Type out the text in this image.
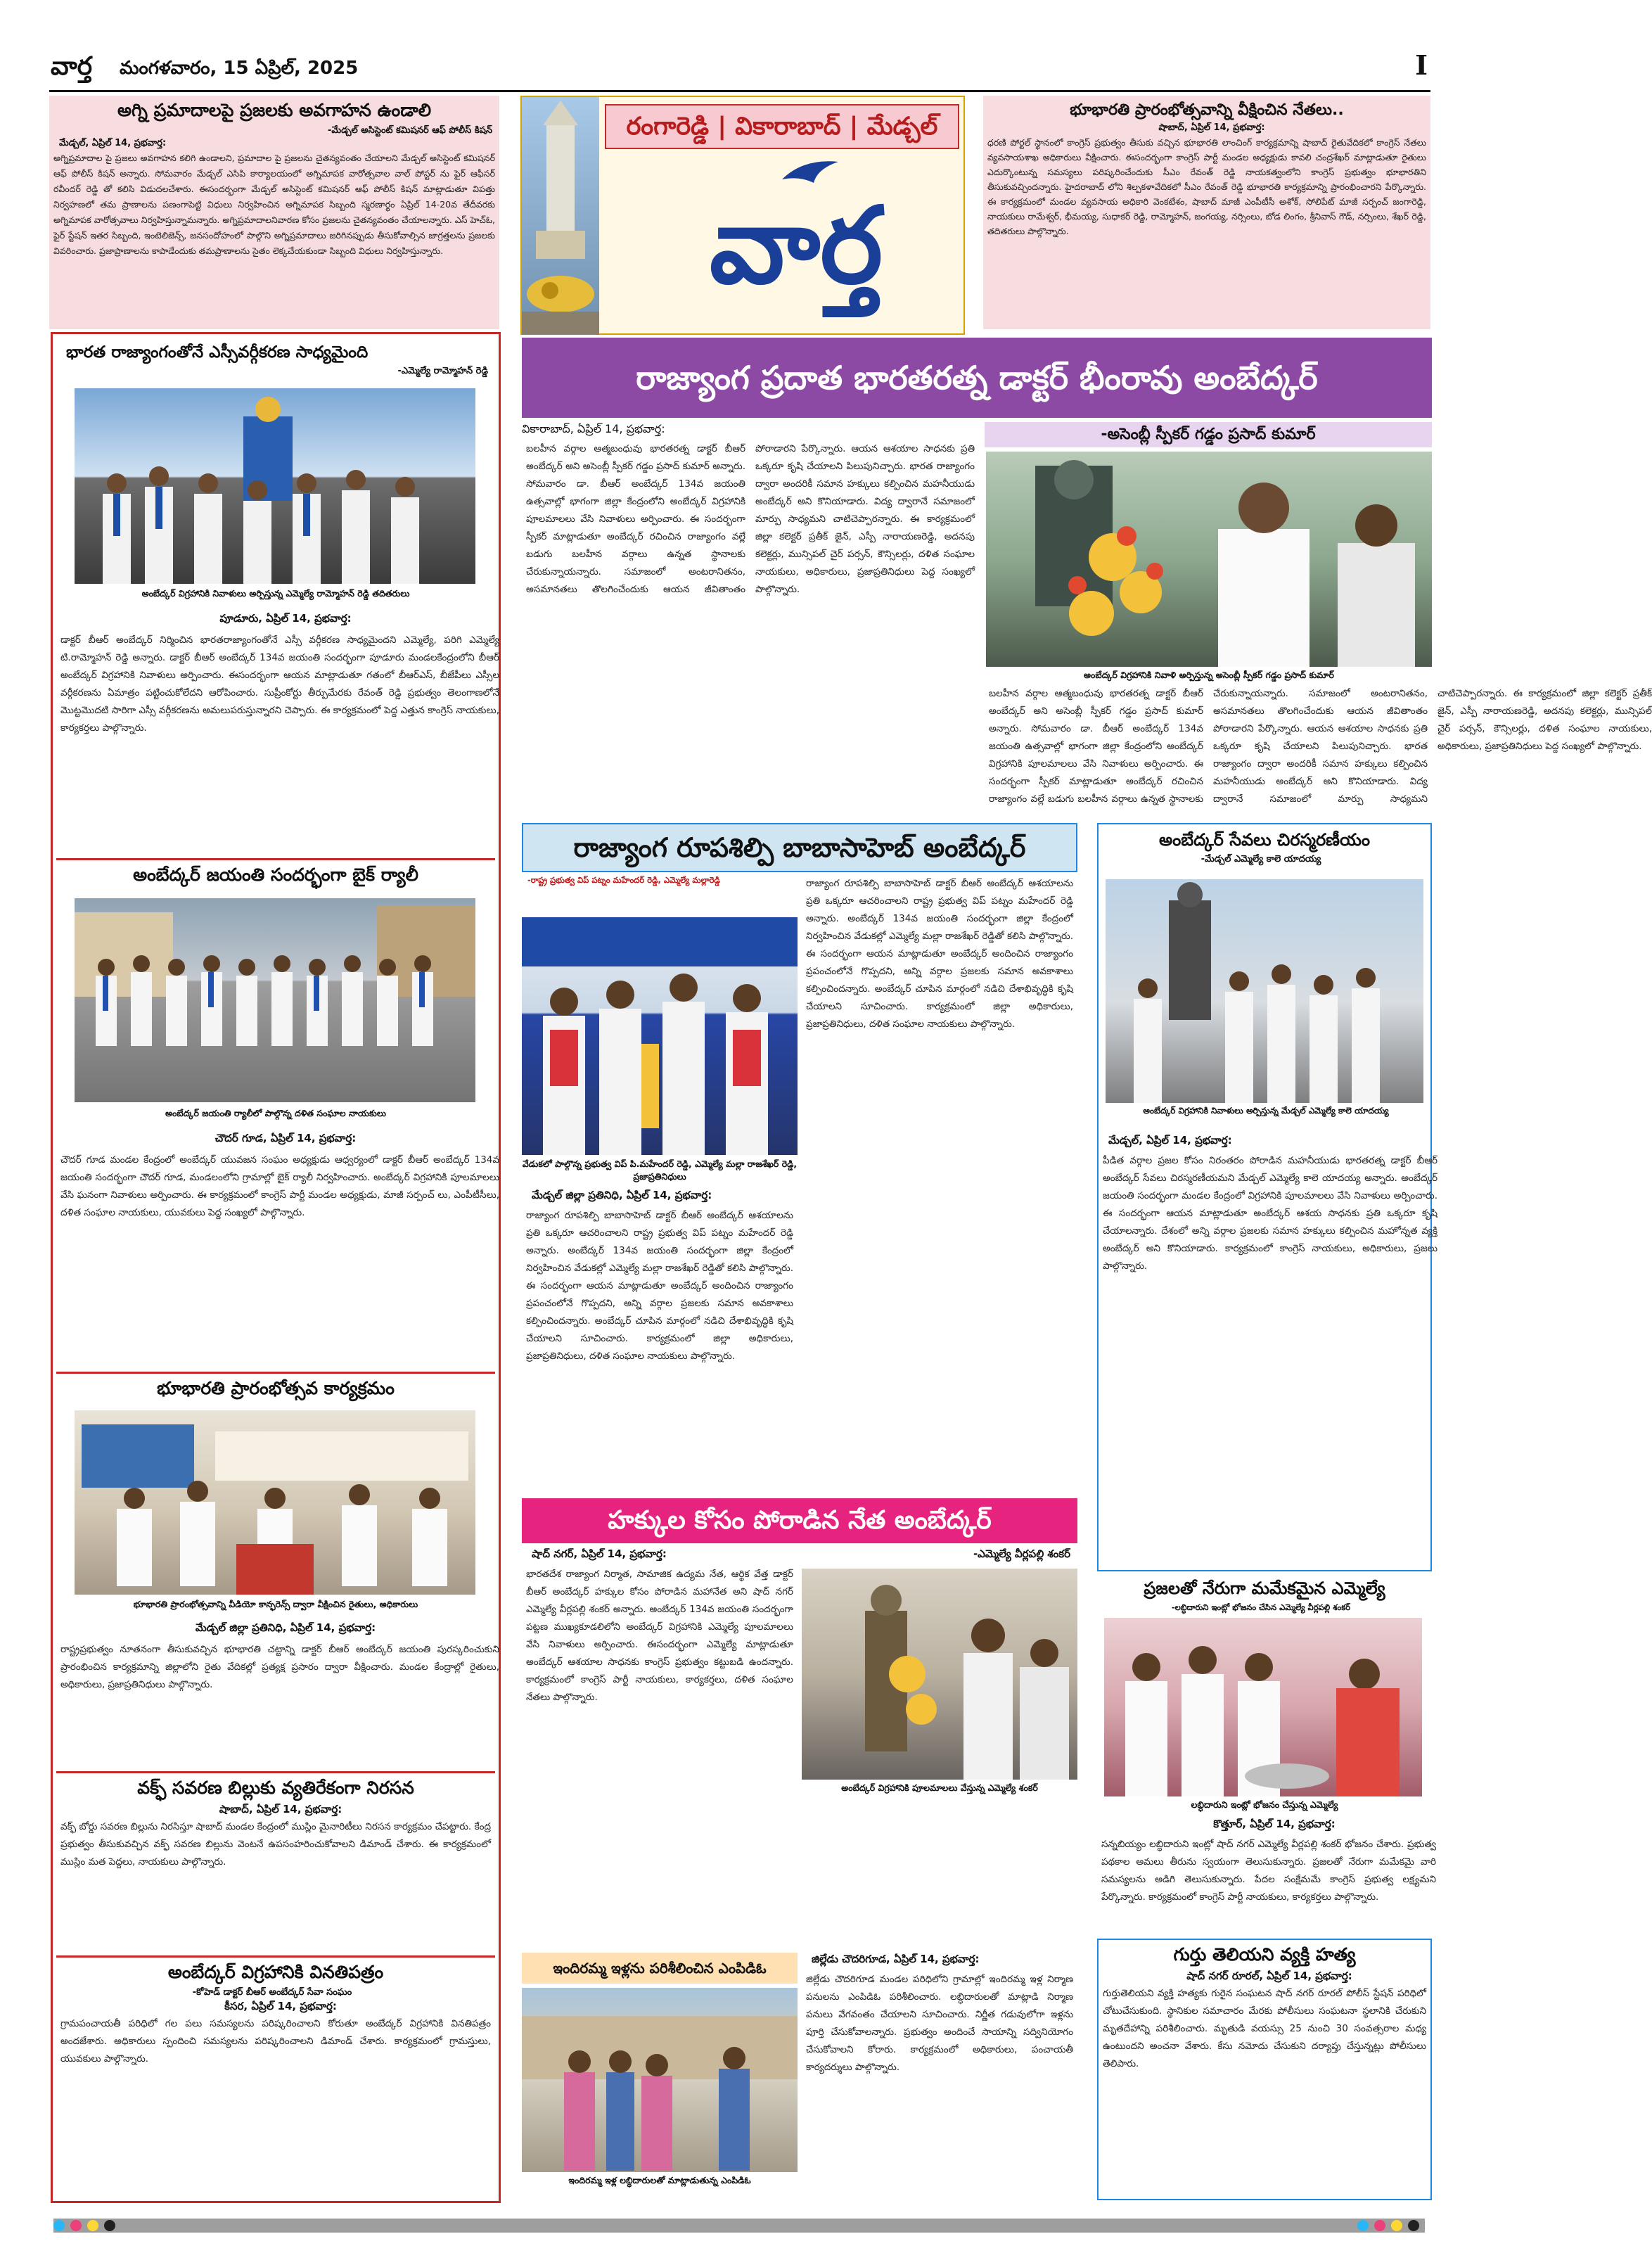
వార్త మంగళవారం, 15 ఏప్రిల్, 2025	I
అగ్ని ప్రమాదాలపై ప్రజలకు అవగాహన ఉండాలి
-మేడ్చల్ అసిస్టెంట్ కమిషనర్ ఆఫ్ పోలీస్ కిషన్
మేడ్చల్, ఏప్రిల్ 14, ప్రభవార్త:
అగ్నిప్రమాదాల పై ప్రజలు అవగాహన కలిగి ఉండాలని, ప్రమాదాల పై ప్రజలను చైతన్యవంతం చేయాలని మేడ్చల్ అసిస్టెంట్ కమిషనర్ ఆఫ్ పోలీస్ కిషన్ అన్నారు. సోమవారం మేడ్చల్ ఎసిపి కార్యాలయంలో అగ్నిమాపక వారోత్సవాల వాల్ పోస్టర్ ను ఫైర్ ఆఫీసర్ రవీందర్ రెడ్డి తో కలిసి విడుదలచేశారు. ఈసందర్భంగా మేడ్చల్ అసిస్టెంట్ కమిషనర్ ఆఫ్ పోలీస్ కిషన్ మాట్లాడుతూ విపత్తు నిర్వహణలో తమ ప్రాణాలను పణంగాపెట్టి విధులు నిర్వహించిన అగ్నిమాపక సిబ్బంది స్మరణార్థం ఏప్రిల్ 14-20వ తేదీవరకు అగ్నిమాపక వారోత్సవాలు నిర్వహిస్తున్నామన్నారు. అగ్నిప్రమాదాలనివారణ కోసం ప్రజలను చైతన్యవంతం చేయాలన్నారు. ఎస్ హెచ్ఓ, ఫైర్ స్టేషన్ ఇతర సిబ్బంది, ఇంటెలిజెన్స్, జనసందోహంలో పాల్గొని అగ్నిప్రమాదాలు జరిగినప్పుడు తీసుకోవాల్సిన జాగ్రత్తలను ప్రజలకు వివరించారు. ప్రజాప్రాణాలను కాపాడేందుకు తమప్రాణాలను సైతం లెక్కచేయకుండా సిబ్బంది విధులు నిర్వహిస్తున్నారు.
రంగారెడ్డి | వికారాబాద్ | మేడ్చల్
వార్త
భూభారతి ప్రారంభోత్సవాన్ని వీక్షించిన నేతలు..
షాబాద్, ఏప్రిల్ 14, ప్రభవార్త:
ధరణి పోర్టల్ స్థానంలో కాంగ్రెస్ ప్రభుత్వం తీసుకు వచ్చిన భూభారతి లాంచింగ్ కార్యక్రమాన్ని షాబాద్ రైతువేదికలో కాంగ్రెస్ నేతలు వ్యవసాయశాఖ అధికారులు వీక్షించారు. ఈసందర్భంగా కాంగ్రెస్ పార్టీ మండల అధ్యక్షుడు కావలి చంద్రశేఖర్ మాట్లాడుతూ రైతులు ఎదుర్కొంటున్న సమస్యలు పరిష్కరించేందుకు సీఎం రేవంత్ రెడ్డి నాయకత్వంలోని కాంగ్రెస్ ప్రభుత్వం భూభారతిని తీసుకువచ్చిందన్నారు. హైదరాబాద్ లోని శిల్పకళావేదికలో సీఎం రేవంత్ రెడ్డి భూభారతి కార్యక్రమాన్ని ప్రారంభించారని పేర్కొన్నారు. ఈ కార్యక్రమంలో మండల వ్యవసాయ అధికారి వెంకటేశం, షాబాద్ మాజీ ఎంపీటీసీ అశోక్, సోలిపేట్ మాజీ సర్పంచ్ జంగారెడ్డి, నాయకులు రామేశ్వర్, భీమయ్య, సుధాకర్ రెడ్డి, రామ్మోహన్, జంగయ్య, నర్సింలు, బోడ లింగం, శ్రీనివాస్ గౌడ్, నర్సింలు, శేఖర్ రెడ్డి, తదితరులు పాల్గొన్నారు.
భారత రాజ్యాంగంతోనే ఎస్సీవర్గీకరణ సాధ్యమైంది
-ఎమ్మెల్యే రామ్మోహన్ రెడ్డి
అంబేద్కర్ విగ్రహానికి నివాళులు అర్పిస్తున్న ఎమ్మెల్యే రామ్మోహన్ రెడ్డి తదితరులు
పూడూరు, ఏప్రిల్ 14, ప్రభవార్త:
డాక్టర్ బీఆర్ అంబేద్కర్ నిర్మించిన భారతరాజ్యాంగంతోనే ఎస్సీ వర్గీకరణ సాధ్యమైందని ఎమ్మెల్యే, పరిగి ఎమ్మెల్యే టి.రామ్మోహన్ రెడ్డి అన్నారు. డాక్టర్ బీఆర్ అంబేద్కర్ 134వ జయంతి సందర్భంగా పూడూరు మండలకేంద్రంలోని బీఆర్ అంబేద్కర్ విగ్రహానికి నివాళులు అర్పించారు. ఈసందర్భంగా ఆయన మాట్లాడుతూ గతంలో బీఆర్ఎస్, బీజేపీలు ఎస్సీల వర్గీకరణను ఏమాత్రం పట్టించుకోలేదని ఆరోపించారు. సుప్రీంకోర్టు తీర్పుమేరకు రేవంత్ రెడ్డి ప్రభుత్వం తెలంగాణలోనే మొట్టమొదటి సారిగా ఎస్సీ వర్గీకరణను అమలుపరుస్తున్నారని చెప్పారు. ఈ కార్యక్రమంలో పెద్ద ఎత్తున కాంగ్రెస్ నాయకులు, కార్యకర్తలు పాల్గొన్నారు.
అంబేద్కర్ జయంతి సందర్భంగా బైక్ ర్యాలీ
అంబేద్కర్ జయంతి ర్యాలీలో పాల్గొన్న దళిత సంఘాల నాయకులు
చౌదర్ గూడ, ఏప్రిల్ 14, ప్రభవార్త:
చౌదర్ గూడ మండల కేంద్రంలో అంబేద్కర్ యువజన సంఘం అధ్యక్షుడు ఆధ్వర్యంలో డాక్టర్ బీఆర్ అంబేద్కర్ 134వ జయంతి సందర్భంగా చౌదర్ గూడ, మండలంలోని గ్రామాల్లో బైక్ ర్యాలీ నిర్వహించారు. అంబేద్కర్ విగ్రహానికి పూలమాలలు వేసి ఘనంగా నివాళులు అర్పించారు. ఈ కార్యక్రమంలో కాంగ్రెస్ పార్టీ మండల అధ్యక్షుడు, మాజీ సర్పంచ్ లు, ఎంపీటీసీలు, దళిత సంఘాల నాయకులు, యువకులు పెద్ద సంఖ్యలో పాల్గొన్నారు.
భూభారతి ప్రారంభోత్సవ కార్యక్రమం
భూభారతి ప్రారంభోత్సవాన్ని వీడియో కాన్ఫరెన్స్ ద్వారా వీక్షించిన రైతులు, అధికారులు
మేడ్చల్ జిల్లా ప్రతినిధి, ఏప్రిల్ 14, ప్రభవార్త:
రాష్ట్రప్రభుత్వం నూతనంగా తీసుకువచ్చిన భూభారతి చట్టాన్ని డాక్టర్ బీఆర్ అంబేద్కర్ జయంతి పురస్కరించుకుని ప్రారంభించిన కార్యక్రమాన్ని జిల్లాలోని రైతు వేదికల్లో ప్రత్యక్ష ప్రసారం ద్వారా వీక్షించారు. మండల కేంద్రాల్లో రైతులు, అధికారులు, ప్రజాప్రతినిధులు పాల్గొన్నారు.
వక్ఫ్ సవరణ బిల్లుకు వ్యతిరేకంగా నిరసన
షాబాద్, ఏప్రిల్ 14, ప్రభవార్త:
వక్ఫ్ బోర్డు సవరణ బిల్లును నిరసిస్తూ షాబాద్ మండల కేంద్రంలో ముస్లిం మైనారిటీలు నిరసన కార్యక్రమం చేపట్టారు. కేంద్ర ప్రభుత్వం తీసుకువచ్చిన వక్ఫ్ సవరణ బిల్లును వెంటనే ఉపసంహరించుకోవాలని డిమాండ్ చేశారు. ఈ కార్యక్రమంలో ముస్లిం మత పెద్దలు, నాయకులు పాల్గొన్నారు.
అంబేద్కర్ విగ్రహానికి వినతిపత్రం
-కోహెడ్ డాక్టర్ బీఆర్ అంబేద్కర్ సేవా సంఘం
కీసర, ఏప్రిల్ 14, ప్రభవార్త:
గ్రామపంచాయతీ పరిధిలో గల పలు సమస్యలను పరిష్కరించాలని కోరుతూ అంబేద్కర్ విగ్రహానికి వినతిపత్రం అందజేశారు. అధికారులు స్పందించి సమస్యలను పరిష్కరించాలని డిమాండ్ చేశారు. కార్యక్రమంలో గ్రామస్తులు, యువకులు పాల్గొన్నారు.
రాజ్యాంగ ప్రదాత భారతరత్న డాక్టర్ భీంరావు అంబేద్కర్
-అసెంబ్లీ స్పీకర్ గడ్డం ప్రసాద్ కుమార్
వికారాబాద్, ఏప్రిల్ 14, ప్రభవార్త:
బలహీన వర్గాల ఆత్మబంధువు భారతరత్న డాక్టర్ బీఆర్ అంబేద్కర్ అని అసెంబ్లీ స్పీకర్ గడ్డం ప్రసాద్ కుమార్ అన్నారు. సోమవారం డా. బీఆర్ అంబేద్కర్ 134వ జయంతి ఉత్సవాల్లో భాగంగా జిల్లా కేంద్రంలోని అంబేద్కర్ విగ్రహానికి పూలమాలలు వేసి నివాళులు అర్పించారు. ఈ సందర్భంగా స్పీకర్ మాట్లాడుతూ అంబేద్కర్ రచించిన రాజ్యాంగం వల్లే బడుగు బలహీన వర్గాలు ఉన్నత స్థానాలకు చేరుకున్నాయన్నారు. సమాజంలో అంటరానితనం, అసమానతలు తొలగించేందుకు ఆయన జీవితాంతం పోరాడారని పేర్కొన్నారు. ఆయన ఆశయాల సాధనకు ప్రతి ఒక్కరూ కృషి చేయాలని పిలుపునిచ్చారు. భారత రాజ్యాంగం ద్వారా అందరికీ సమాన హక్కులు కల్పించిన మహనీయుడు అంబేద్కర్ అని కొనియాడారు. విద్య ద్వారానే సమాజంలో మార్పు సాధ్యమని చాటిచెప్పారన్నారు. ఈ కార్యక్రమంలో జిల్లా కలెక్టర్ ప్రతీక్ జైన్, ఎస్పీ నారాయణరెడ్డి, అదనపు కలెక్టర్లు, మున్సిపల్ చైర్ పర్సన్, కౌన్సిలర్లు, దళిత సంఘాల నాయకులు, అధికారులు, ప్రజాప్రతినిధులు పెద్ద సంఖ్యలో పాల్గొన్నారు.
అంబేద్కర్ విగ్రహానికి నివాళి అర్పిస్తున్న అసెంబ్లీ స్పీకర్ గడ్డం ప్రసాద్ కుమార్
రాజ్యాంగ రూపశిల్పి బాబాసాహెబ్ అంబేద్కర్
-రాష్ట్ర ప్రభుత్వ విప్ పట్నం మహేందర్ రెడ్డి, ఎమ్మెల్యే మల్లారెడ్డి
వేడుకలో పాల్గొన్న ప్రభుత్వ విప్ పి.మహేందర్ రెడ్డి, ఎమ్మెల్యే మల్లా రాజశేఖర్ రెడ్డి, ప్రజాప్రతినిధులు
మేడ్చల్ జిల్లా ప్రతినిధి, ఏప్రిల్ 14, ప్రభవార్త:
రాజ్యాంగ రూపశిల్పి బాబాసాహెబ్ డాక్టర్ బీఆర్ అంబేద్కర్ ఆశయాలను ప్రతి ఒక్కరూ ఆచరించాలని రాష్ట్ర ప్రభుత్వ విప్ పట్నం మహేందర్ రెడ్డి అన్నారు. అంబేద్కర్ 134వ జయంతి సందర్భంగా జిల్లా కేంద్రంలో నిర్వహించిన వేడుకల్లో ఎమ్మెల్యే మల్లా రాజశేఖర్ రెడ్డితో కలిసి పాల్గొన్నారు. ఈ సందర్భంగా ఆయన మాట్లాడుతూ అంబేద్కర్ అందించిన రాజ్యాంగం ప్రపంచంలోనే గొప్పదని, అన్ని వర్గాల ప్రజలకు సమాన అవకాశాలు కల్పించిందన్నారు. అంబేద్కర్ చూపిన మార్గంలో నడిచి దేశాభివృద్ధికి కృషి చేయాలని సూచించారు. కార్యక్రమంలో జిల్లా అధికారులు, ప్రజాప్రతినిధులు, దళిత సంఘాల నాయకులు పాల్గొన్నారు.
రాజ్యాంగ రూపశిల్పి బాబాసాహెబ్ డాక్టర్ బీఆర్ అంబేద్కర్ ఆశయాలను ప్రతి ఒక్కరూ ఆచరించాలని రాష్ట్ర ప్రభుత్వ విప్ పట్నం మహేందర్ రెడ్డి అన్నారు. అంబేద్కర్ 134వ జయంతి సందర్భంగా జిల్లా కేంద్రంలో నిర్వహించిన వేడుకల్లో ఎమ్మెల్యే మల్లా రాజశేఖర్ రెడ్డితో కలిసి పాల్గొన్నారు. ఈ సందర్భంగా ఆయన మాట్లాడుతూ అంబేద్కర్ అందించిన రాజ్యాంగం ప్రపంచంలోనే గొప్పదని, అన్ని వర్గాల ప్రజలకు సమాన అవకాశాలు కల్పించిందన్నారు. అంబేద్కర్ చూపిన మార్గంలో నడిచి దేశాభివృద్ధికి కృషి చేయాలని సూచించారు. కార్యక్రమంలో జిల్లా అధికారులు, ప్రజాప్రతినిధులు, దళిత సంఘాల నాయకులు పాల్గొన్నారు.
హక్కుల కోసం పోరాడిన నేత అంబేద్కర్
-ఎమ్మెల్యే వీర్లపల్లి శంకర్
షాద్ నగర్, ఏప్రిల్ 14, ప్రభవార్త:
భారతదేశ రాజ్యాంగ నిర్మాత, సామాజిక ఉద్యమ నేత, ఆర్థిక వేత్త డాక్టర్ బీఆర్ అంబేద్కర్ హక్కుల కోసం పోరాడిన మహానేత అని షాద్ నగర్ ఎమ్మెల్యే వీర్లపల్లి శంకర్ అన్నారు. అంబేద్కర్ 134వ జయంతి సందర్భంగా పట్టణ ముఖ్యకూడలిలోని అంబేద్కర్ విగ్రహానికి ఎమ్మెల్యే పూలమాలలు వేసి నివాళులు అర్పించారు. ఈసందర్భంగా ఎమ్మెల్యే మాట్లాడుతూ అంబేద్కర్ ఆశయాల సాధనకు కాంగ్రెస్ ప్రభుత్వం కట్టుబడి ఉందన్నారు. కార్యక్రమంలో కాంగ్రెస్ పార్టీ నాయకులు, కార్యకర్తలు, దళిత సంఘాల నేతలు పాల్గొన్నారు.
అంబేద్కర్ విగ్రహానికి పూలమాలలు వేస్తున్న ఎమ్మెల్యే శంకర్
ఇందిరమ్మ ఇళ్లను పరిశీలించిన ఎంపిడిఓ
ఇందిరమ్మ ఇళ్ల లబ్ధిదారులతో మాట్లాడుతున్న ఎంపిడిఓ
జిల్లేడు చౌదరిగూడ, ఏప్రిల్ 14, ప్రభవార్త:
జిల్లేడు చౌదరిగూడ మండల పరిధిలోని గ్రామాల్లో ఇందిరమ్మ ఇళ్ల నిర్మాణ పనులను ఎంపిడిఓ పరిశీలించారు. లబ్ధిదారులతో మాట్లాడి నిర్మాణ పనులు వేగవంతం చేయాలని సూచించారు. నిర్ణీత గడువులోగా ఇళ్లను పూర్తి చేసుకోవాలన్నారు. ప్రభుత్వం అందించే సాయాన్ని సద్వినియోగం చేసుకోవాలని కోరారు. కార్యక్రమంలో అధికారులు, పంచాయతీ కార్యదర్శులు పాల్గొన్నారు.
బలహీన వర్గాల ఆత్మబంధువు భారతరత్న డాక్టర్ బీఆర్ అంబేద్కర్ అని అసెంబ్లీ స్పీకర్ గడ్డం ప్రసాద్ కుమార్ అన్నారు. సోమవారం డా. బీఆర్ అంబేద్కర్ 134వ జయంతి ఉత్సవాల్లో భాగంగా జిల్లా కేంద్రంలోని అంబేద్కర్ విగ్రహానికి పూలమాలలు వేసి నివాళులు అర్పించారు. ఈ సందర్భంగా స్పీకర్ మాట్లాడుతూ అంబేద్కర్ రచించిన రాజ్యాంగం వల్లే బడుగు బలహీన వర్గాలు ఉన్నత స్థానాలకు చేరుకున్నాయన్నారు. సమాజంలో అంటరానితనం, అసమానతలు తొలగించేందుకు ఆయన జీవితాంతం పోరాడారని పేర్కొన్నారు. ఆయన ఆశయాల సాధనకు ప్రతి ఒక్కరూ కృషి చేయాలని పిలుపునిచ్చారు. భారత రాజ్యాంగం ద్వారా అందరికీ సమాన హక్కులు కల్పించిన మహనీయుడు అంబేద్కర్ అని కొనియాడారు. విద్య ద్వారానే సమాజంలో మార్పు సాధ్యమని చాటిచెప్పారన్నారు. ఈ కార్యక్రమంలో జిల్లా కలెక్టర్ ప్రతీక్ జైన్, ఎస్పీ నారాయణరెడ్డి, అదనపు కలెక్టర్లు, మున్సిపల్ చైర్ పర్సన్, కౌన్సిలర్లు, దళిత సంఘాల నాయకులు, అధికారులు, ప్రజాప్రతినిధులు పెద్ద సంఖ్యలో పాల్గొన్నారు.
అంబేద్కర్ సేవలు చిరస్మరణీయం
-మేడ్చల్ ఎమ్మెల్యే కాలె యాదయ్య
అంబేద్కర్ విగ్రహానికి నివాళులు అర్పిస్తున్న మేడ్చల్ ఎమ్మెల్యే కాలె యాదయ్య
మేడ్చల్, ఏప్రిల్ 14, ప్రభవార్త:
పీడిత వర్గాల ప్రజల కోసం నిరంతరం పోరాడిన మహనీయుడు భారతరత్న డాక్టర్ బీఆర్ అంబేద్కర్ సేవలు చిరస్మరణీయమని మేడ్చల్ ఎమ్మెల్యే కాలె యాదయ్య అన్నారు. అంబేద్కర్ జయంతి సందర్భంగా మండల కేంద్రంలో విగ్రహానికి పూలమాలలు వేసి నివాళులు అర్పించారు. ఈ సందర్భంగా ఆయన మాట్లాడుతూ అంబేద్కర్ ఆశయ సాధనకు ప్రతి ఒక్కరూ కృషి చేయాలన్నారు. దేశంలో అన్ని వర్గాల ప్రజలకు సమాన హక్కులు కల్పించిన మహోన్నత వ్యక్తి అంబేద్కర్ అని కొనియాడారు. కార్యక్రమంలో కాంగ్రెస్ నాయకులు, అధికారులు, ప్రజలు పాల్గొన్నారు.
ప్రజలతో నేరుగా మమేకమైన ఎమ్మెల్యే
-లబ్ధిదారుని ఇంట్లో భోజనం చేసిన ఎమ్మెల్యే వీర్లపల్లి శంకర్
లబ్ధిదారుని ఇంట్లో భోజనం చేస్తున్న ఎమ్మెల్యే
కొత్తూర్, ఏప్రిల్ 14, ప్రభవార్త:
సన్నబియ్యం లబ్ధిదారుని ఇంట్లో షాద్ నగర్ ఎమ్మెల్యే వీర్లపల్లి శంకర్ భోజనం చేశారు. ప్రభుత్వ పథకాల అమలు తీరును స్వయంగా తెలుసుకున్నారు. ప్రజలతో నేరుగా మమేకమై వారి సమస్యలను అడిగి తెలుసుకున్నారు. పేదల సంక్షేమమే కాంగ్రెస్ ప్రభుత్వ లక్ష్యమని పేర్కొన్నారు. కార్యక్రమంలో కాంగ్రెస్ పార్టీ నాయకులు, కార్యకర్తలు పాల్గొన్నారు.
గుర్తు తెలియని వ్యక్తి హత్య
షాద్ నగర్ రూరల్, ఏప్రిల్ 14, ప్రభవార్త:
గుర్తుతెలియని వ్యక్తి హత్యకు గురైన సంఘటన షాద్ నగర్ రూరల్ పోలీస్ స్టేషన్ పరిధిలో చోటుచేసుకుంది. స్థానికుల సమాచారం మేరకు పోలీసులు సంఘటనా స్థలానికి చేరుకుని మృతదేహాన్ని పరిశీలించారు. మృతుడి వయస్సు 25 నుంచి 30 సంవత్సరాల మధ్య ఉంటుందని అంచనా వేశారు. కేసు నమోదు చేసుకుని దర్యాప్తు చేస్తున్నట్లు పోలీసులు తెలిపారు.
